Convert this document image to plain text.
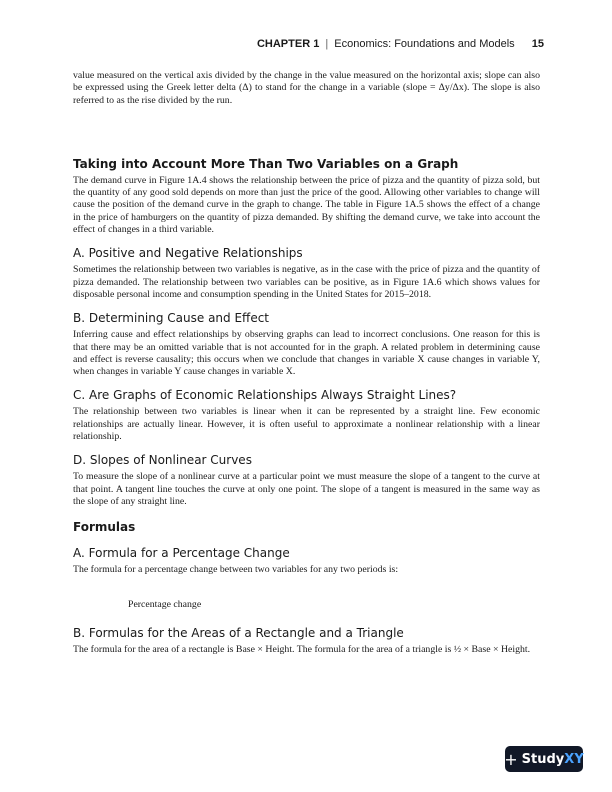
CHAPTER 1 | Economics: Foundations and Models 15

value measured on the vertical axis divided by the change in the value measured on the horizontal axis; slope can also be expressed using the Greek letter delta (Δ) to stand for the change in a variable (slope = Δy/Δx). The slope is also referred to as the rise divided by the run.

Taking into Account More Than Two Variables on a Graph

The demand curve in Figure 1A.4 shows the relationship between the price of pizza and the quantity of pizza sold, but the quantity of any good sold depends on more than just the price of the good. Allowing other variables to change will cause the position of the demand curve in the graph to change. The table in Figure 1A.5 shows the effect of a change in the price of hamburgers on the quantity of pizza demanded. By shifting the demand curve, we take into account the effect of changes in a third variable.

A. Positive and Negative Relationships

Sometimes the relationship between two variables is negative, as in the case with the price of pizza and the quantity of pizza demanded. The relationship between two variables can be positive, as in Figure 1A.6 which shows values for disposable personal income and consumption spending in the United States for 2015–2018.

B. Determining Cause and Effect

Inferring cause and effect relationships by observing graphs can lead to incorrect conclusions. One reason for this is that there may be an omitted variable that is not accounted for in the graph. A related problem in determining cause and effect is reverse causality; this occurs when we conclude that changes in variable X cause changes in variable Y, when changes in variable Y cause changes in variable X.

C. Are Graphs of Economic Relationships Always Straight Lines?

The relationship between two variables is linear when it can be represented by a straight line. Few economic relationships are actually linear. However, it is often useful to approximate a nonlinear relationship with a linear relationship.

D. Slopes of Nonlinear Curves

To measure the slope of a nonlinear curve at a particular point we must measure the slope of a tangent to the curve at that point. A tangent line touches the curve at only one point. The slope of a tangent is measured in the same way as the slope of any straight line.

Formulas
A. Formula for a Percentage Change

The formula for a percentage change between two variables for any two periods is:

Percentage change
B. Formulas for the Areas of a Rectangle and a Triangle

The formula for the area of a rectangle is Base × Height. The formula for the area of a triangle is ½ × Base × Height.

+ Study XY
